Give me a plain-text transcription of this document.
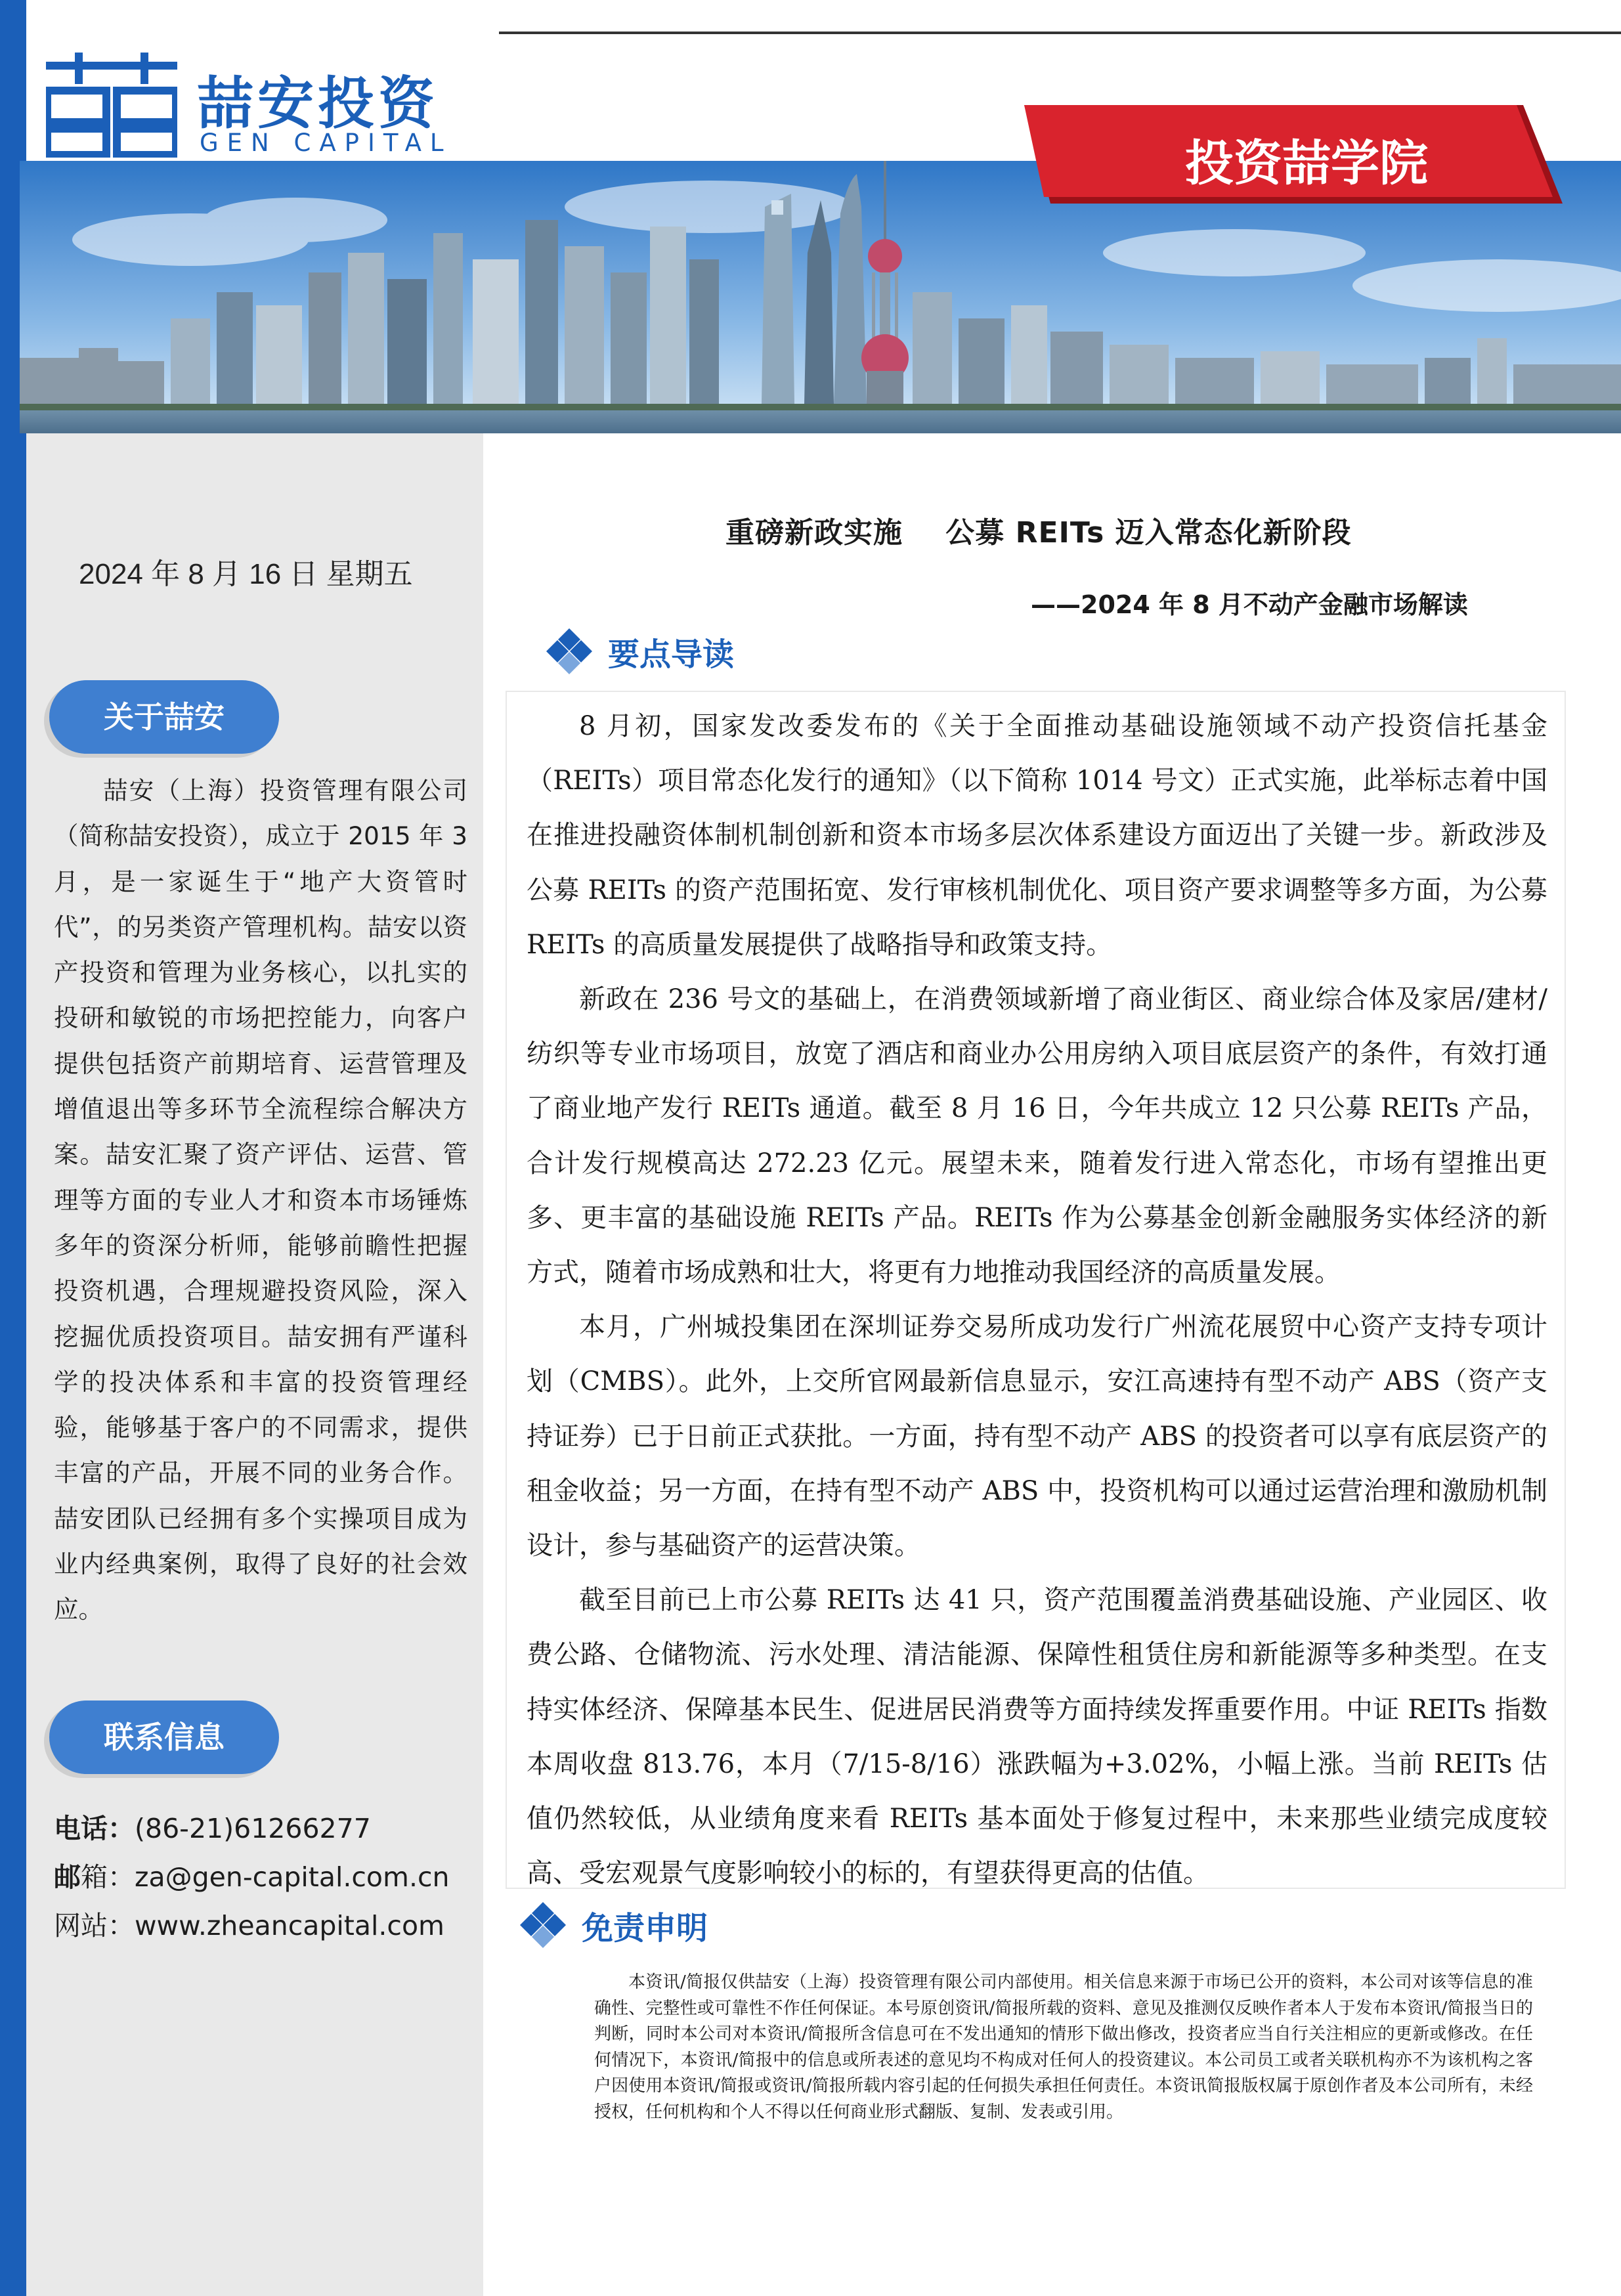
喆安投资
GEN CAPITAL	投资喆学院
2024 年 8 月 16 日 星期五
关于喆安
喆安（上海）投资管理有限公司（简称喆安投资），成立于 2015 年 3 月，是一家诞生于“地产大资管时代”，的另类资产管理机构。喆安以资产投资和管理为业务核心，以扎实的投研和敏锐的市场把控能力，向客户提供包括资产前期培育、运营管理及增值退出等多环节全流程综合解决方案。喆安汇聚了资产评估、运营、管理等方面的专业人才和资本市场锤炼多年的资深分析师，能够前瞻性把握投资机遇，合理规避投资风险，深入挖掘优质投资项目。喆安拥有严谨科学的投决体系和丰富的投资管理经验，能够基于客户的不同需求，提供丰富的产品，开展不同的业务合作。喆安团队已经拥有多个实操项目成为业内经典案例，取得了良好的社会效应。
联系信息
电话：(86-21)61266277
邮箱：za@gen-capital.com.cn
网站：www.zheancapital.com
重磅新政实施    公募 REITs 迈入常态化新阶段
——2024 年 8 月不动产金融市场解读
要点导读

8 月初，国家发改委发布的《关于全面推动基础设施领域不动产投资信托基金（REITs）项目常态化发行的通知》（以下简称 1014 号文）正式实施，此举标志着中国在推进投融资体制机制创新和资本市场多层次体系建设方面迈出了关键一步。新政涉及公募 REITs 的资产范围拓宽、发行审核机制优化、项目资产要求调整等多方面，为公募 REITs 的高质量发展提供了战略指导和政策支持。

新政在 236 号文的基础上，在消费领域新增了商业街区、商业综合体及家居/建材/纺织等专业市场项目，放宽了酒店和商业办公用房纳入项目底层资产的条件，有效打通了商业地产发行 REITs 通道。截至 8 月 16 日，今年共成立 12 只公募 REITs 产品，合计发行规模高达 272.23 亿元。展望未来，随着发行进入常态化，市场有望推出更多、更丰富的基础设施 REITs 产品。REITs 作为公募基金创新金融服务实体经济的新方式，随着市场成熟和壮大，将更有力地推动我国经济的高质量发展。

本月，广州城投集团在深圳证券交易所成功发行广州流花展贸中心资产支持专项计划（CMBS）。此外，上交所官网最新信息显示，安江高速持有型不动产 ABS（资产支持证券）已于日前正式获批。一方面，持有型不动产 ABS 的投资者可以享有底层资产的租金收益；另一方面，在持有型不动产 ABS 中，投资机构可以通过运营治理和激励机制设计，参与基础资产的运营决策。

截至目前已上市公募 REITs 达 41 只，资产范围覆盖消费基础设施、产业园区、收费公路、仓储物流、污水处理、清洁能源、保障性租赁住房和新能源等多种类型。在支持实体经济、保障基本民生、促进居民消费等方面持续发挥重要作用。中证 REITs 指数本周收盘 813.76，本月（7/15-8/16）涨跌幅为+3.02%，小幅上涨。当前 REITs 估值仍然较低，从业绩角度来看 REITs 基本面处于修复过程中，未来那些业绩完成度较高、受宏观景气度影响较小的标的，有望获得更高的估值。

免责申明
本资讯/简报仅供喆安（上海）投资管理有限公司内部使用。相关信息来源于市场已公开的资料，本公司对该等信息的准确性、完整性或可靠性不作任何保证。本号原创资讯/简报所载的资料、意见及推测仅反映作者本人于发布本资讯/简报当日的判断，同时本公司对本资讯/简报所含信息可在不发出通知的情形下做出修改，投资者应当自行关注相应的更新或修改。在任何情况下，本资讯/简报中的信息或所表述的意见均不构成对任何人的投资建议。本公司员工或者关联机构亦不为该机构之客户因使用本资讯/简报或资讯/简报所载内容引起的任何损失承担任何责任。本资讯简报版权属于原创作者及本公司所有，未经授权，任何机构和个人不得以任何商业形式翻版、复制、发表或引用。
